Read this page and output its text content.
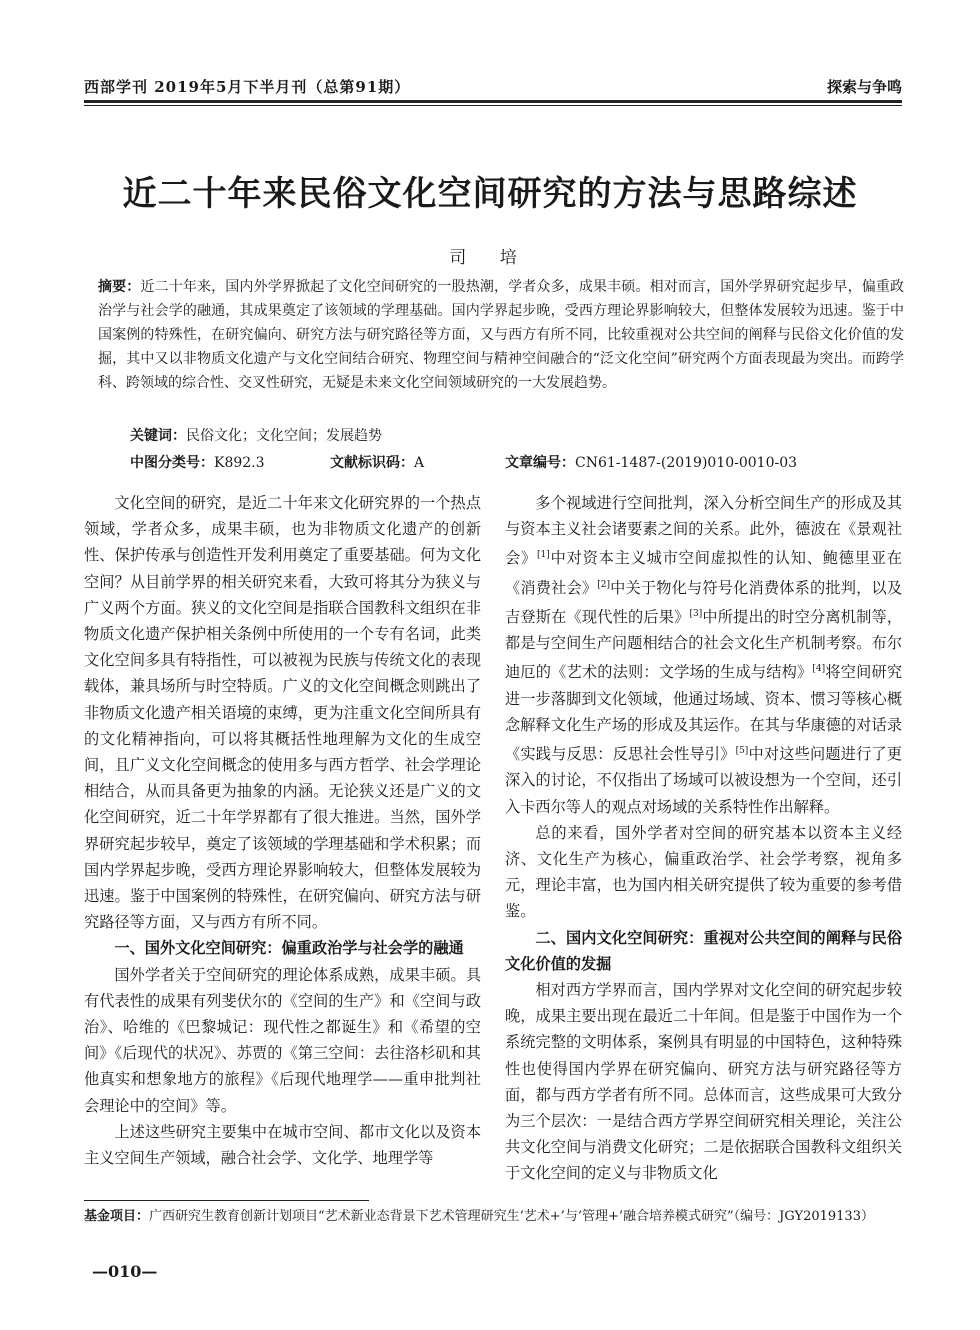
西部学刊 2019年5月下半月刊（总第91期）	探索与争鸣
近二十年来民俗文化空间研究的方法与思路综述
司 培
摘要：近二十年来，国内外学界掀起了文化空间研究的一股热潮，学者众多，成果丰硕。相对而言，国外学界研究起步早，偏重政治学与社会学的融通，其成果奠定了该领域的学理基础。国内学界起步晚，受西方理论界影响较大，但整体发展较为迅速。鉴于中国案例的特殊性，在研究偏向、研究方法与研究路径等方面，又与西方有所不同，比较重视对公共空间的阐释与民俗文化价值的发掘，其中又以非物质文化遗产与文化空间结合研究、物理空间与精神空间融合的“泛文化空间”研究两个方面表现最为突出。而跨学科、跨领域的综合性、交叉性研究，无疑是未来文化空间领域研究的一大发展趋势。
关键词：民俗文化；文化空间；发展趋势
中图分类号：K892.3	文献标识码：A	文章编号：CN61-1487-(2019)010-0010-03

文化空间的研究，是近二十年来文化研究界的一个热点领域，学者众多，成果丰硕，也为非物质文化遗产的创新性、保护传承与创造性开发利用奠定了重要基础。何为文化空间？从目前学界的相关研究来看，大致可将其分为狭义与广义两个方面。狭义的文化空间是指联合国教科文组织在非物质文化遗产保护相关条例中所使用的一个专有名词，此类文化空间多具有特指性，可以被视为民族与传统文化的表现载体，兼具场所与时空特质。广义的文化空间概念则跳出了非物质文化遗产相关语境的束缚，更为注重文化空间所具有的文化精神指向，可以将其概括性地理解为文化的生成空间，且广义文化空间概念的使用多与西方哲学、社会学理论相结合，从而具备更为抽象的内涵。无论狭义还是广义的文化空间研究，近二十年学界都有了很大推进。当然，国外学界研究起步较早，奠定了该领域的学理基础和学术积累；而国内学界起步晚，受西方理论界影响较大，但整体发展较为迅速。鉴于中国案例的特殊性，在研究偏向、研究方法与研究路径等方面，又与西方有所不同。

一、国外文化空间研究：偏重政治学与社会学的融通

国外学者关于空间研究的理论体系成熟，成果丰硕。具有代表性的成果有列斐伏尔的《空间的生产》和《空间与政治》、哈维的《巴黎城记：现代性之都诞生》和《希望的空间》《后现代的状况》、苏贾的《第三空间：去往洛杉矶和其他真实和想象地方的旅程》《后现代地理学——重申批判社会理论中的空间》等。

上述这些研究主要集中在城市空间、都市文化以及资本主义空间生产领域，融合社会学、文化学、地理学等

多个视域进行空间批判，深入分析空间生产的形成及其与资本主义社会诸要素之间的关系。此外，德波在《景观社会》[1]中对资本主义城市空间虚拟性的认知、鲍德里亚在《消费社会》[2]中关于物化与符号化消费体系的批判，以及吉登斯在《现代性的后果》[3]中所提出的时空分离机制等，都是与空间生产问题相结合的社会文化生产机制考察。布尔迪厄的《艺术的法则：文学场的生成与结构》[4]将空间研究进一步落脚到文化领域，他通过场域、资本、惯习等核心概念解释文化生产场的形成及其运作。在其与华康德的对话录《实践与反思：反思社会性导引》[5]中对这些问题进行了更深入的讨论，不仅指出了场域可以被设想为一个空间，还引入卡西尔等人的观点对场域的关系特性作出解释。

总的来看，国外学者对空间的研究基本以资本主义经济、文化生产为核心，偏重政治学、社会学考察，视角多元，理论丰富，也为国内相关研究提供了较为重要的参考借鉴。

二、国内文化空间研究：重视对公共空间的阐释与民俗文化价值的发掘

相对西方学界而言，国内学界对文化空间的研究起步较晚，成果主要出现在最近二十年间。但是鉴于中国作为一个系统完整的文明体系，案例具有明显的中国特色，这种特殊性也使得国内学界在研究偏向、研究方法与研究路径等方面，都与西方学者有所不同。总体而言，这些成果可大致分为三个层次：一是结合西方学界空间研究相关理论，关注公共文化空间与消费文化研究；二是依据联合国教科文组织关于文化空间的定义与非物质文化

基金项目：广西研究生教育创新计划项目“艺术新业态背景下艺术管理研究生‘艺术+’与‘管理+’融合培养模式研究”（编号：JGY2019133）
—010—
